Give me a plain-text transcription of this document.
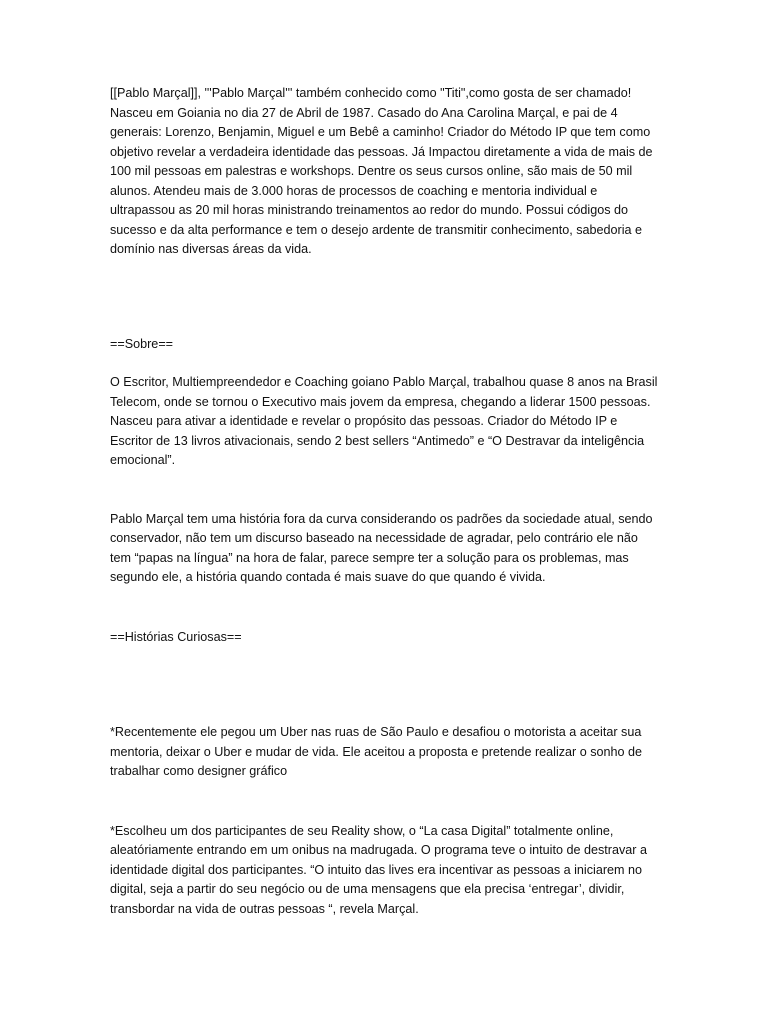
[[Pablo Marçal]], '''Pablo Marçal''' também conhecido como "Titi",como gosta de ser chamado! Nasceu em Goiania no dia 27 de Abril de 1987. Casado do Ana Carolina Marçal, e pai de 4 generais: Lorenzo, Benjamin, Miguel e um Bebê a caminho! Criador do Método IP que tem como objetivo revelar a verdadeira identidade das pessoas. Já Impactou diretamente a vida de mais de 100 mil pessoas em palestras e workshops. Dentre os seus cursos online, são mais de 50 mil alunos. Atendeu mais de 3.000 horas de processos de coaching e mentoria individual e ultrapassou as 20 mil horas ministrando treinamentos ao redor do mundo. Possui códigos do sucesso e da alta performance e tem o desejo ardente de transmitir conhecimento, sabedoria e domínio nas diversas áreas da vida.

==Sobre==

O Escritor, Multiempreendedor e Coaching goiano Pablo Marçal, trabalhou quase 8 anos na Brasil Telecom, onde se tornou o Executivo mais jovem da empresa, chegando a liderar 1500 pessoas. Nasceu para ativar a identidade e revelar o propósito das pessoas. Criador do Método IP e Escritor de 13 livros ativacionais, sendo 2 best sellers “Antimedo” e “O Destravar da inteligência emocional”.

Pablo Marçal tem uma história fora da curva considerando os padrões da sociedade atual, sendo conservador, não tem um discurso baseado na necessidade de agradar, pelo contrário ele não tem “papas na língua” na hora de falar, parece sempre ter a solução para os problemas, mas segundo ele, a história quando contada é mais suave do que quando é vivida.

==Histórias Curiosas==

*Recentemente ele pegou um Uber nas ruas de São Paulo e desafiou o motorista a aceitar sua mentoria, deixar o Uber e mudar de vida. Ele aceitou a proposta e pretende realizar o sonho de trabalhar como designer gráfico

*Escolheu um dos participantes de seu Reality show, o “La casa Digital” totalmente online, aleatóriamente entrando em um onibus na madrugada. O programa teve o intuito de destravar a identidade digital dos participantes. “O intuito das lives era incentivar as pessoas a iniciarem no digital, seja a partir do seu negócio ou de uma mensagens que ela precisa ‘entregar’, dividir, transbordar na vida de outras pessoas “, revela Marçal.
